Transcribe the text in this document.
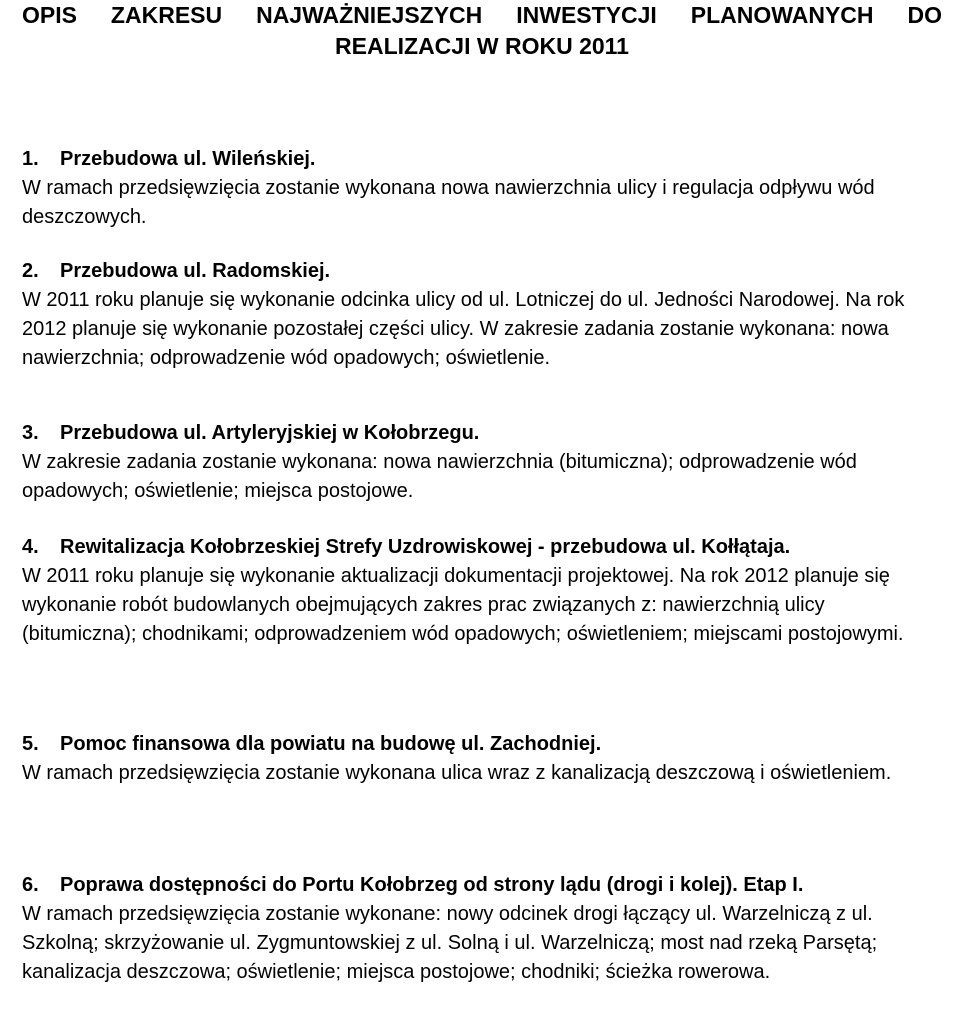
OPIS ZAKRESU NAJWAŻNIEJSZYCH INWESTYCJI PLANOWANYCH DO
REALIZACJI W ROKU 2011
1.	Przebudowa ul. Wileńskiej.

W ramach przedsięwzięcia zostanie wykonana nowa nawierzchnia ulicy i regulacja odpływu wód deszczowych.

2.	Przebudowa ul. Radomskiej.

W 2011 roku planuje się wykonanie odcinka ulicy od ul. Lotniczej do ul. Jedności Narodowej. Na rok 2012 planuje się wykonanie pozostałej części ulicy. W zakresie zadania zostanie wykonana: nowa nawierzchnia; odprowadzenie wód opadowych; oświetlenie.

3.	Przebudowa ul. Artyleryjskiej w Kołobrzegu.

W zakresie zadania zostanie wykonana: nowa nawierzchnia (bitumiczna); odprowadzenie wód opadowych; oświetlenie; miejsca postojowe.

4.	Rewitalizacja Kołobrzeskiej Strefy Uzdrowiskowej - przebudowa ul. Kołłątaja.

W 2011 roku planuje się wykonanie aktualizacji dokumentacji projektowej. Na rok 2012 planuje się wykonanie robót budowlanych obejmujących zakres prac związanych z: nawierzchnią ulicy (bitumiczna); chodnikami; odprowadzeniem wód opadowych; oświetleniem; miejscami postojowymi.

5.	Pomoc finansowa dla powiatu na budowę ul. Zachodniej.

W ramach przedsięwzięcia zostanie wykonana ulica wraz z kanalizacją deszczową i oświetleniem.

6.	Poprawa dostępności do Portu Kołobrzeg od strony lądu (drogi i kolej). Etap I.

W ramach przedsięwzięcia zostanie wykonane: nowy odcinek drogi łączący ul. Warzelniczą z ul. Szkolną; skrzyżowanie ul. Zygmuntowskiej z ul. Solną i ul. Warzelniczą; most nad rzeką Parsętą; kanalizacja deszczowa; oświetlenie; miejsca postojowe; chodniki; ścieżka rowerowa.
